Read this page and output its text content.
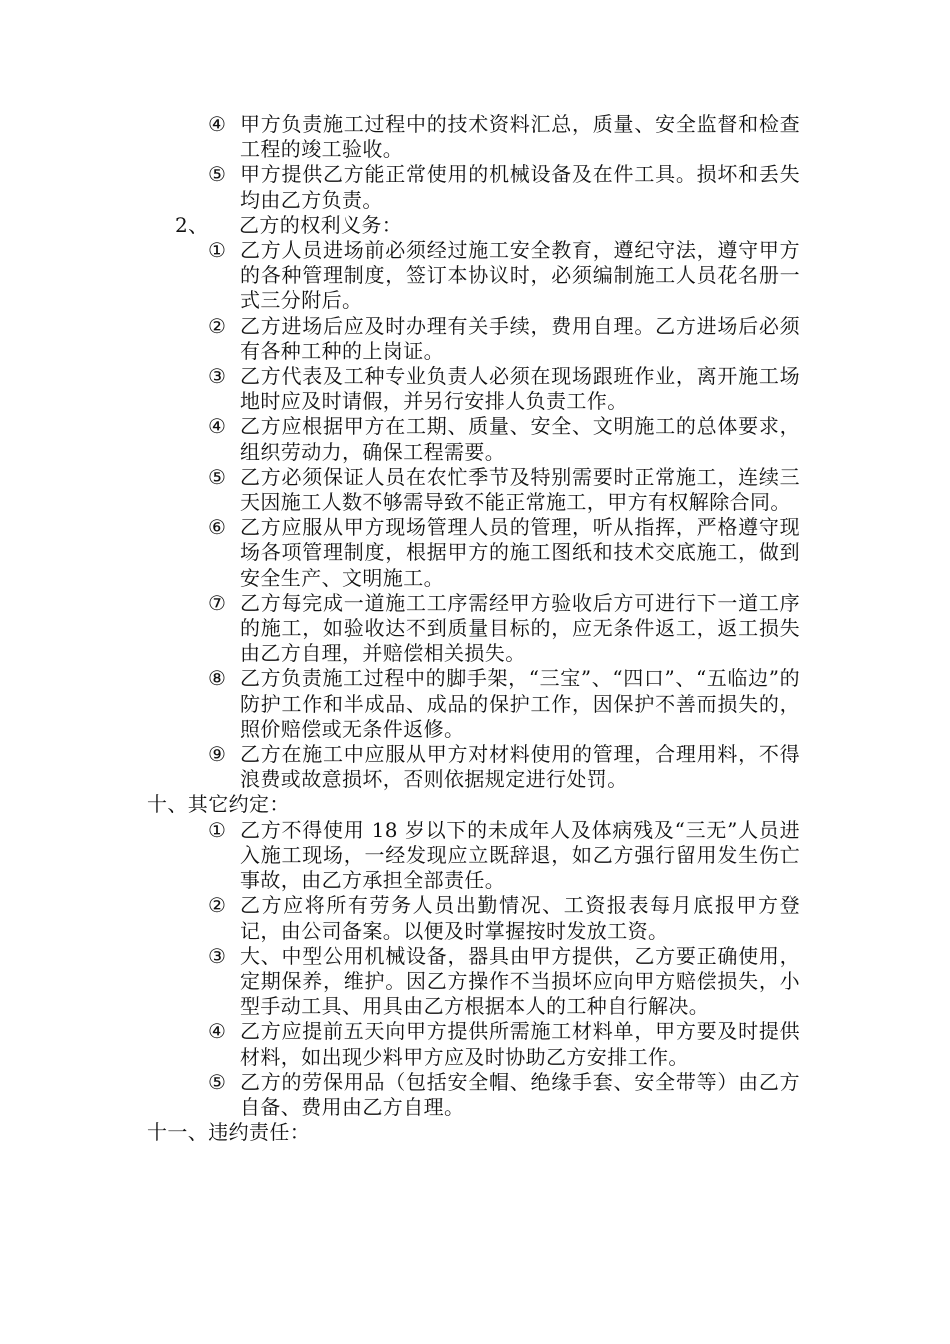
④ 甲方负责施工过程中的技术资料汇总，质量、安全监督和检查工程的竣工验收。
⑤ 甲方提供乙方能正常使用的机械设备及在件工具。损坏和丢失均由乙方负责。
2、	乙方的权利义务：
① 乙方人员进场前必须经过施工安全教育，遵纪守法，遵守甲方的各种管理制度，签订本协议时，必须编制施工人员花名册一式三分附后。
② 乙方进场后应及时办理有关手续，费用自理。乙方进场后必须有各种工种的上岗证。
③ 乙方代表及工种专业负责人必须在现场跟班作业，离开施工场地时应及时请假，并另行安排人负责工作。
④ 乙方应根据甲方在工期、质量、安全、文明施工的总体要求，组织劳动力，确保工程需要。
⑤ 乙方必须保证人员在农忙季节及特别需要时正常施工，连续三天因施工人数不够需导致不能正常施工，甲方有权解除合同。
⑥ 乙方应服从甲方现场管理人员的管理，听从指挥，严格遵守现场各项管理制度，根据甲方的施工图纸和技术交底施工，做到安全生产、文明施工。
⑦ 乙方每完成一道施工工序需经甲方验收后方可进行下一道工序的施工，如验收达不到质量目标的，应无条件返工，返工损失由乙方自理，并赔偿相关损失。
⑧ 乙方负责施工过程中的脚手架，“三宝”、“四口”、“五临边”的防护工作和半成品、成品的保护工作，因保护不善而损失的，照价赔偿或无条件返修。
⑨ 乙方在施工中应服从甲方对材料使用的管理，合理用料，不得浪费或故意损坏，否则依据规定进行处罚。
十、其它约定：
① 乙方不得使用 18 岁以下的未成年人及体病残及“三无”人员进入施工现场，一经发现应立既辞退，如乙方强行留用发生伤亡事故，由乙方承担全部责任。
② 乙方应将所有劳务人员出勤情况、工资报表每月底报甲方登记，由公司备案。以便及时掌握按时发放工资。
③ 大、中型公用机械设备，器具由甲方提供，乙方要正确使用，定期保养，维护。因乙方操作不当损坏应向甲方赔偿损失，小型手动工具、用具由乙方根据本人的工种自行解决。
④ 乙方应提前五天向甲方提供所需施工材料单，甲方要及时提供材料，如出现少料甲方应及时协助乙方安排工作。
⑤ 乙方的劳保用品（包括安全帽、绝缘手套、安全带等）由乙方自备、费用由乙方自理。
十一、违约责任：
